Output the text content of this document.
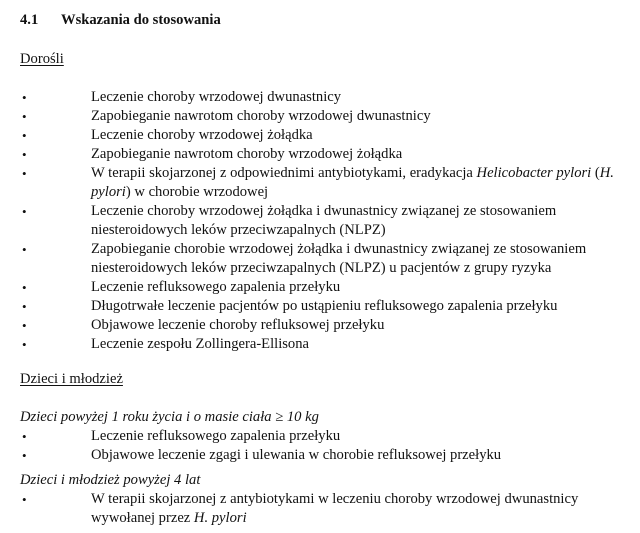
4.1 Wskazania do stosowania
Dorośli
•	Leczenie choroby wrzodowej dwunastnicy
•	Zapobieganie nawrotom choroby wrzodowej dwunastnicy
•	Leczenie choroby wrzodowej żołądka
•	Zapobieganie nawrotom choroby wrzodowej żołądka
•	W terapii skojarzonej z odpowiednimi antybiotykami, eradykacja Helicobacter pylori (H. pylori) w chorobie wrzodowej
•	Leczenie choroby wrzodowej żołądka i dwunastnicy związanej ze stosowaniem niesteroidowych leków przeciwzapalnych (NLPZ)
•	Zapobieganie chorobie wrzodowej żołądka i dwunastnicy związanej ze stosowaniem niesteroidowych leków przeciwzapalnych (NLPZ) u pacjentów z grupy ryzyka
•	Leczenie refluksowego zapalenia przełyku
•	Długotrwałe leczenie pacjentów po ustąpieniu refluksowego zapalenia przełyku
•	Objawowe leczenie choroby refluksowej przełyku
•	Leczenie zespołu Zollingera-Ellisona
Dzieci i młodzież
Dzieci powyżej 1 roku życia i o masie ciała ≥ 10 kg
•	Leczenie refluksowego zapalenia przełyku
•	Objawowe leczenie zgagi i ulewania w chorobie refluksowej przełyku
Dzieci i młodzież powyżej 4 lat
•	W terapii skojarzonej z antybiotykami w leczeniu choroby wrzodowej dwunastnicy wywołanej przez H. pylori
